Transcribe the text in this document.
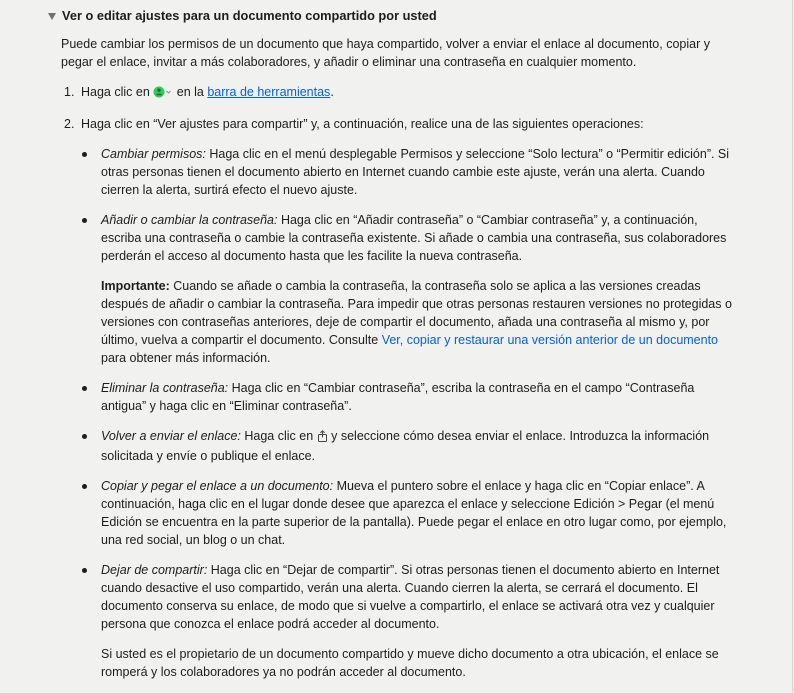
Ver o editar ajustes para un documento compartido por usted

Puede cambiar los permisos de un documento que haya compartido, volver a enviar el enlace al documento, copiar y pegar el enlace, invitar a más colaboradores, y añadir o eliminar una contraseña en cualquier momento.

1. Haga clic en  en la barra de herramientas.
2. Haga clic en “Ver ajustes para compartir” y, a continuación, realice una de las siguientes operaciones:
Cambiar permisos: Haga clic en el menú desplegable Permisos y seleccione “Solo lectura” o “Permitir edición”. Si otras personas tienen el documento abierto en Internet cuando cambie este ajuste, verán una alerta. Cuando cierren la alerta, surtirá efecto el nuevo ajuste.
Añadir o cambiar la contraseña: Haga clic en “Añadir contraseña” o “Cambiar contraseña” y, a continuación, escriba una contraseña o cambie la contraseña existente. Si añade o cambia una contraseña, sus colaboradores perderán el acceso al documento hasta que les facilite la nueva contraseña.

Importante: Cuando se añade o cambia la contraseña, la contraseña solo se aplica a las versiones creadas después de añadir o cambiar la contraseña. Para impedir que otras personas restauren versiones no protegidas o versiones con contraseñas anteriores, deje de compartir el documento, añada una contraseña al mismo y, por último, vuelva a compartir el documento. Consulte Ver, copiar y restaurar una versión anterior de un documento para obtener más información.

Eliminar la contraseña: Haga clic en “Cambiar contraseña”, escriba la contraseña en el campo “Contraseña antigua” y haga clic en “Eliminar contraseña”.
Volver a enviar el enlace: Haga clic en  y seleccione cómo desea enviar el enlace. Introduzca la información solicitada y envíe o publique el enlace.
Copiar y pegar el enlace a un documento: Mueva el puntero sobre el enlace y haga clic en “Copiar enlace”. A continuación, haga clic en el lugar donde desee que aparezca el enlace y seleccione Edición > Pegar (el menú Edición se encuentra en la parte superior de la pantalla). Puede pegar el enlace en otro lugar como, por ejemplo, una red social, un blog o un chat.
Dejar de compartir: Haga clic en “Dejar de compartir”. Si otras personas tienen el documento abierto en Internet cuando desactive el uso compartido, verán una alerta. Cuando cierren la alerta, se cerrará el documento. El documento conserva su enlace, de modo que si vuelve a compartirlo, el enlace se activará otra vez y cualquier persona que conozca el enlace podrá acceder al documento.

Si usted es el propietario de un documento compartido y mueve dicho documento a otra ubicación, el enlace se romperá y los colaboradores ya no podrán acceder al documento.
